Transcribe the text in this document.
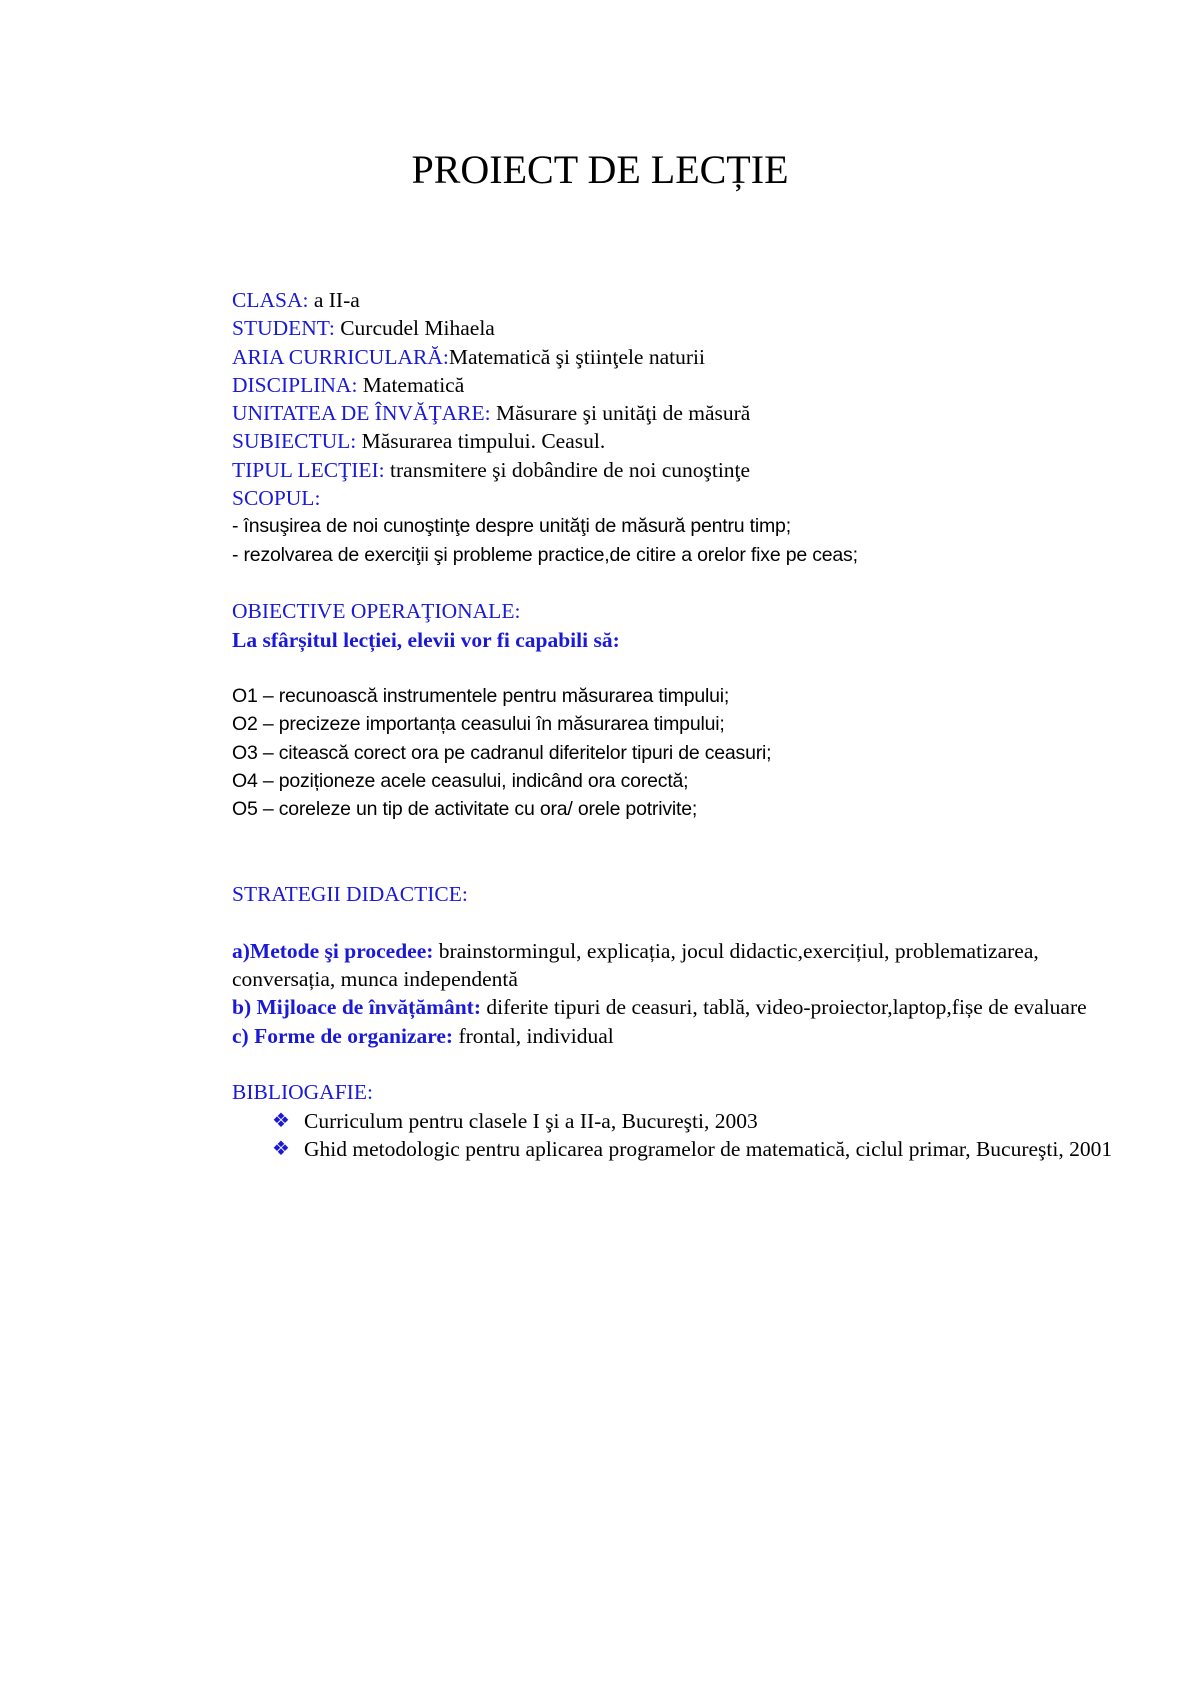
PROIECT DE LECȚIE
CLASA: a II-a
STUDENT: Curcudel Mihaela
ARIA CURRICULARĂ:Matematică şi ştiinţele naturii
DISCIPLINA: Matematică
UNITATEA DE ÎNVĂŢARE: Măsurare şi unităţi de măsură
SUBIECTUL: Măsurarea timpului. Ceasul.
TIPUL LECŢIEI: transmitere şi dobândire de noi cunoştinţe
SCOPUL:
- însuşirea de noi cunoştinţe despre unităţi de măsură pentru timp;
- rezolvarea de exerciţii şi probleme practice,de citire a orelor fixe pe ceas;
OBIECTIVE OPERAŢIONALE:
La sfârșitul lecției, elevii vor fi capabili să:
O1 – recunoască instrumentele pentru măsurarea timpului;
O2 – precizeze importanța ceasului în măsurarea timpului;
O3 – citească corect ora pe cadranul diferitelor tipuri de ceasuri;
O4 – poziționeze acele ceasului, indicând ora corectă;
O5 – coreleze un tip de activitate cu ora/ orele potrivite;
STRATEGII DIDACTICE:
a)Metode şi procedee: brainstormingul, explicația, jocul didactic,exercițiul, problematizarea, conversația, munca independentă
b) Mijloace de învățământ: diferite tipuri de ceasuri, tablă, video-proiector,laptop,fișe de evaluare
c) Forme de organizare: frontal, individual
BIBLIOGAFIE:
❖ Curriculum pentru clasele I şi a II-a, Bucureşti, 2003
❖ Ghid metodologic pentru aplicarea programelor de matematică, ciclul primar, Bucureşti, 2001
